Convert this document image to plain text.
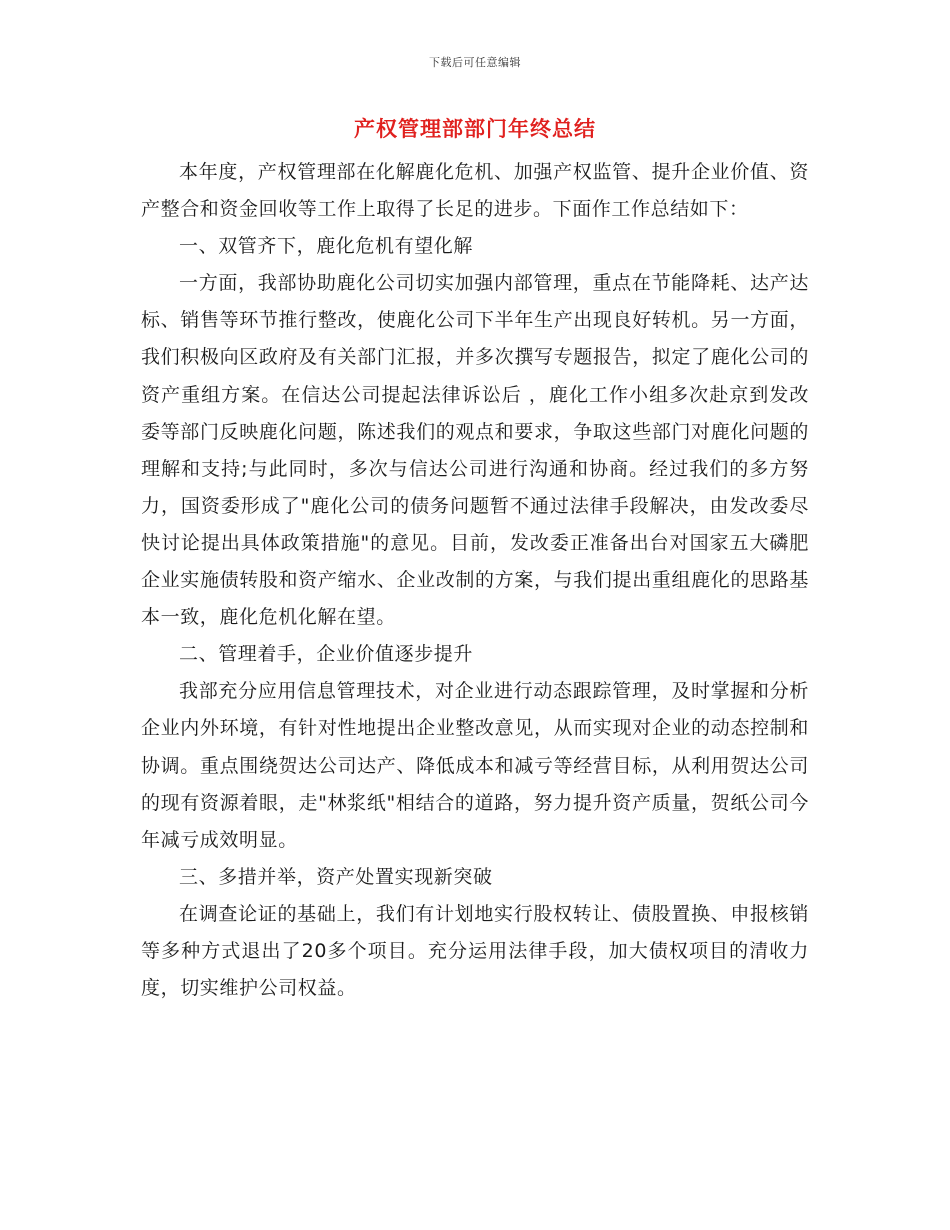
下载后可任意编辑
产权管理部部门年终总结

本年度，产权管理部在化解鹿化危机、加强产权监管、提升企业价值、资产整合和资金回收等工作上取得了长足的进步。下面作工作总结如下：

一、双管齐下，鹿化危机有望化解

一方面，我部协助鹿化公司切实加强内部管理，重点在节能降耗、达产达标、销售等环节推行整改，使鹿化公司下半年生产出现良好转机。另一方面，我们积极向区政府及有关部门汇报，并多次撰写专题报告，拟定了鹿化公司的资产重组方案。在信达公司提起法律诉讼后 ，鹿化工作小组多次赴京到发改委等部门反映鹿化问题，陈述我们的观点和要求，争取这些部门对鹿化问题的理解和支持;与此同时，多次与信达公司进行沟通和协商。经过我们的多方努力，国资委形成了"鹿化公司的债务问题暂不通过法律手段解决，由发改委尽快讨论提出具体政策措施"的意见。目前，发改委正准备出台对国家五大磷肥企业实施债转股和资产缩水、企业改制的方案，与我们提出重组鹿化的思路基本一致，鹿化危机化解在望。

二、管理着手，企业价值逐步提升

我部充分应用信息管理技术，对企业进行动态跟踪管理，及时掌握和分析企业内外环境，有针对性地提出企业整改意见，从而实现对企业的动态控制和协调。重点围绕贺达公司达产、降低成本和减亏等经营目标，从利用贺达公司的现有资源着眼，走"林浆纸"相结合的道路，努力提升资产质量，贺纸公司今年减亏成效明显。

三、多措并举，资产处置实现新突破

在调查论证的基础上，我们有计划地实行股权转让、债股置换、申报核销等多种方式退出了20多个项目。充分运用法律手段，加大债权项目的清收力度，切实维护公司权益。
